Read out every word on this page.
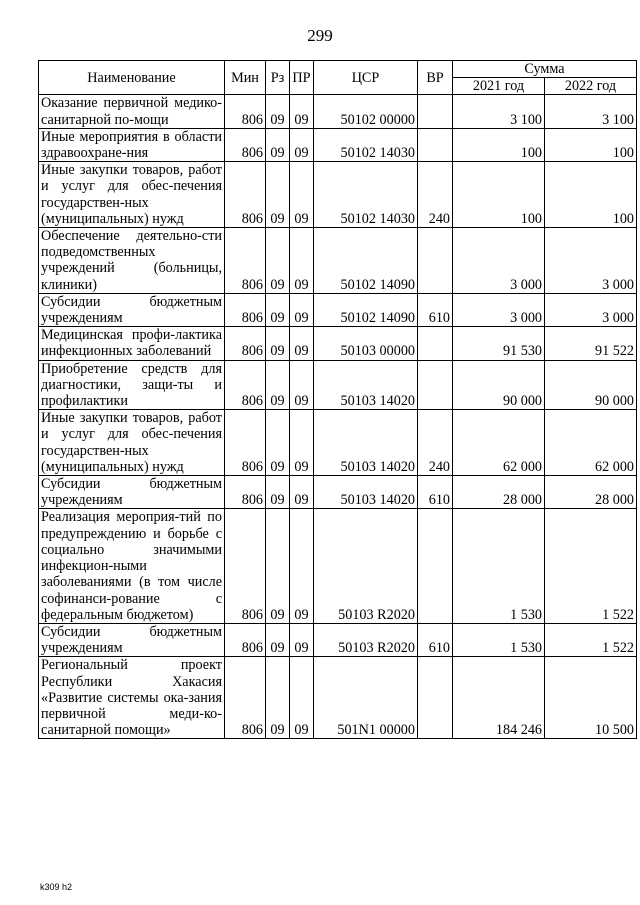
299
Наименование	Мин	Рз	ПР	ЦСР	ВР	Сумма	
						2021 год	2022 год
Оказание первичной медико-санитарной по-мощи	806	09	09	50102 00000		3 100	3 100
Иные мероприятия в области здравоохране-ния	806	09	09	50102 14030		100	100
Иные закупки товаров, работ и услуг для обес-печения государствен-ных (муниципальных) нужд	806	09	09	50102 14030	240	100	100
Обеспечение деятельно-сти подведомственных учреждений (больницы, клиники)	806	09	09	50102 14090		3 000	3 000
Субсидии бюджетным учреждениям	806	09	09	50102 14090	610	3 000	3 000
Медицинская профи-лактика инфекционных заболеваний	806	09	09	50103 00000		91 530	91 522
Приобретение средств для диагностики, защи-ты и профилактики	806	09	09	50103 14020		90 000	90 000
Иные закупки товаров, работ и услуг для обес-печения государствен-ных (муниципальных) нужд	806	09	09	50103 14020	240	62 000	62 000
Субсидии бюджетным учреждениям	806	09	09	50103 14020	610	28 000	28 000
Реализация мероприя-тий по предупреждению и борьбе с социально значимыми инфекцион-ными заболеваниями (в том числе софинанси-рование с федеральным бюджетом)	806	09	09	50103 R2020		1 530	1 522
Субсидии бюджетным учреждениям	806	09	09	50103 R2020	610	1 530	1 522
Региональный проект Республики Хакасия «Развитие системы ока-зания первичной меди-ко-санитарной помощи»	806	09	09	501N1 00000		184 246	10 500
k309 h2
